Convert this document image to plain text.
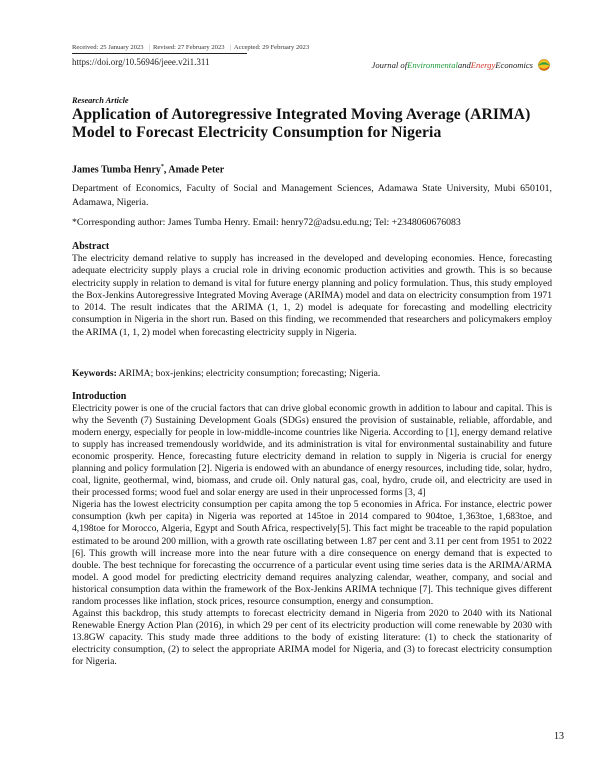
Received: 25 January 2023 | Revised: 27 February 2023 | Accepted: 29 February 2023
https://doi.org/10.56946/jeee.v2i1.311	Journal of Environmental and Energy Economics
Research Article
Application of Autoregressive Integrated Moving Average (ARIMA) Model to Forecast Electricity Consumption for Nigeria
James Tumba Henry*, Amade Peter
Department of Economics, Faculty of Social and Management Sciences, Adamawa State University, Mubi 650101, Adamawa, Nigeria.
*Corresponding author: James Tumba Henry. Email: henry72@adsu.edu.ng; Tel: +2348060676083
Abstract
The electricity demand relative to supply has increased in the developed and developing economies. Hence, forecasting adequate electricity supply plays a crucial role in driving economic production activities and growth. This is so because electricity supply in relation to demand is vital for future energy planning and policy formulation. Thus, this study employed the Box-Jenkins Autoregressive Integrated Moving Average (ARIMA) model and data on electricity consumption from 1971 to 2014. The result indicates that the ARIMA (1, 1, 2) model is adequate for forecasting and modelling electricity consumption in Nigeria in the short run. Based on this finding, we recommended that researchers and policymakers employ the ARIMA (1, 1, 2) model when forecasting electricity supply in Nigeria.
Keywords: ARIMA; box-jenkins; electricity consumption; forecasting; Nigeria.
Introduction

Electricity power is one of the crucial factors that can drive global economic growth in addition to labour and capital. This is why the Seventh (7) Sustaining Development Goals (SDGs) ensured the provision of sustainable, reliable, affordable, and modern energy, especially for people in low-middle-income countries like Nigeria. According to [1], energy demand relative to supply has increased tremendously worldwide, and its administration is vital for environmental sustainability and future economic prosperity. Hence, forecasting future electricity demand in relation to supply in Nigeria is crucial for energy planning and policy formulation [2]. Nigeria is endowed with an abundance of energy resources, including tide, solar, hydro, coal, lignite, geothermal, wind, biomass, and crude oil. Only natural gas, coal, hydro, crude oil, and electricity are used in their processed forms; wood fuel and solar energy are used in their unprocessed forms [3, 4]

Nigeria has the lowest electricity consumption per capita among the top 5 economies in Africa. For instance, electric power consumption (kwh per capita) in Nigeria was reported at 145toe in 2014 compared to 904toe, 1,363toe, 1,683toe, and 4,198toe for Morocco, Algeria, Egypt and South Africa, respectively[5]. This fact might be traceable to the rapid population estimated to be around 200 million, with a growth rate oscillating between 1.87 per cent and 3.11 per cent from 1951 to 2022 [6]. This growth will increase more into the near future with a dire consequence on energy demand that is expected to double. The best technique for forecasting the occurrence of a particular event using time series data is the ARIMA/ARMA model. A good model for predicting electricity demand requires analyzing calendar, weather, company, and social and historical consumption data within the framework of the Box-Jenkins ARIMA technique [7]. This technique gives different random processes like inflation, stock prices, resource consumption, energy and consumption.

Against this backdrop, this study attempts to forecast electricity demand in Nigeria from 2020 to 2040 with its National Renewable Energy Action Plan (2016), in which 29 per cent of its electricity production will come renewable by 2030 with 13.8GW capacity. This study made three additions to the body of existing literature: (1) to check the stationarity of electricity consumption, (2) to select the appropriate ARIMA model for Nigeria, and (3) to forecast electricity consumption for Nigeria.

13
